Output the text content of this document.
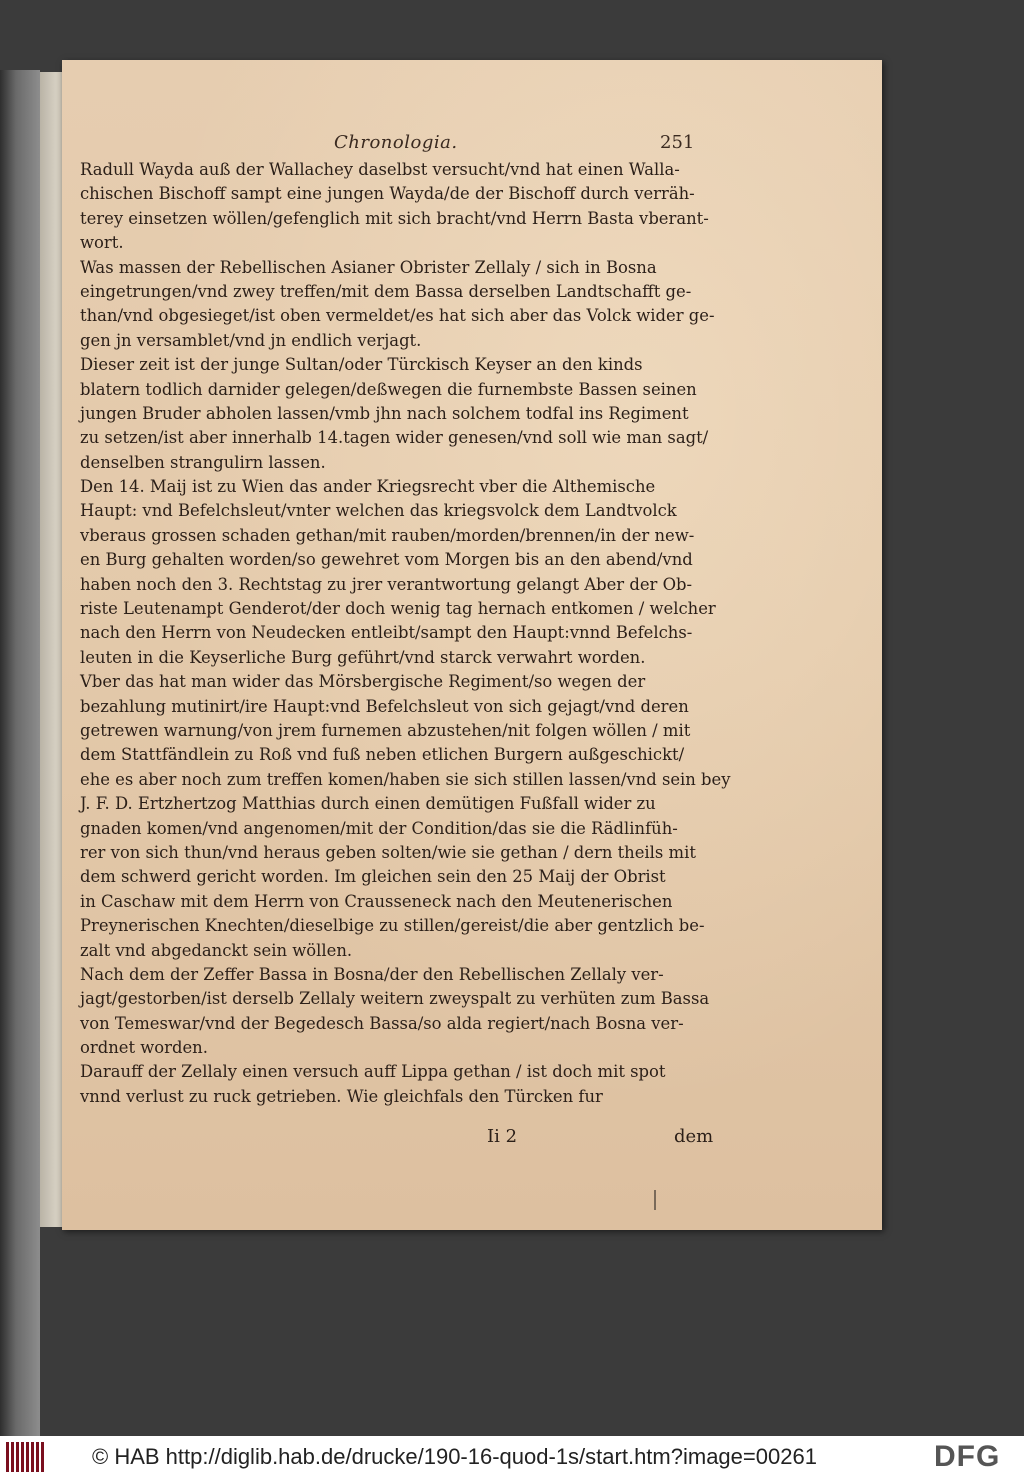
Chronologia.	251
Radull Wayda auß der Wallachey daselbst versucht/vnd hat einen Walla-
chischen Bischoff sampt eine jungen Wayda/de der Bischoff durch verräh-
terey einsetzen wöllen/gefenglich mit sich bracht/vnd Herrn Basta vberant-
wort.
Was massen der Rebellischen Asianer Obrister Zellaly / sich in Bosna
eingetrungen/vnd zwey treffen/mit dem Bassa derselben Landtschafft ge-
than/vnd obgesieget/ist oben vermeldet/es hat sich aber das Volck wider ge-
gen jn versamblet/vnd jn endlich verjagt.
Dieser zeit ist der junge Sultan/oder Türckisch Keyser an den kinds
blatern todlich darnider gelegen/deßwegen die furnembste Bassen seinen
jungen Bruder abholen lassen/vmb jhn nach solchem todfal ins Regiment
zu setzen/ist aber innerhalb 14.tagen wider genesen/vnd soll wie man sagt/
denselben strangulirn lassen.
Den 14. Maij ist zu Wien das ander Kriegsrecht vber die Althemische
Haupt: vnd Befelchsleut/vnter welchen das kriegsvolck dem Landtvolck
vberaus grossen schaden gethan/mit rauben/morden/brennen/in der new-
en Burg gehalten worden/so gewehret vom Morgen bis an den abend/vnd
haben noch den 3. Rechtstag zu jrer verantwortung gelangt Aber der Ob-
riste Leutenampt Genderot/der doch wenig tag hernach entkomen / welcher
nach den Herrn von Neudecken entleibt/sampt den Haupt:vnnd Befelchs-
leuten in die Keyserliche Burg geführt/vnd starck verwahrt worden.
Vber das hat man wider das Mörsbergische Regiment/so wegen der
bezahlung mutinirt/ire Haupt:vnd Befelchsleut von sich gejagt/vnd deren
getrewen warnung/von jrem furnemen abzustehen/nit folgen wöllen / mit
dem Stattfändlein zu Roß vnd fuß neben etlichen Burgern außgeschickt/
ehe es aber noch zum treffen komen/haben sie sich stillen lassen/vnd sein bey
J. F. D. Ertzhertzog Matthias durch einen demütigen Fußfall wider zu
gnaden komen/vnd angenomen/mit der Condition/das sie die Rädlinfüh-
rer von sich thun/vnd heraus geben solten/wie sie gethan / dern theils mit
dem schwerd gericht worden. Im gleichen sein den 25 Maij der Obrist
in Caschaw mit dem Herrn von Crausseneck nach den Meutenerischen
Preynerischen Knechten/dieselbige zu stillen/gereist/die aber gentzlich be-
zalt vnd abgedanckt sein wöllen.
Nach dem der Zeffer Bassa in Bosna/der den Rebellischen Zellaly ver-
jagt/gestorben/ist derselb Zellaly weitern zweyspalt zu verhüten zum Bassa
von Temeswar/vnd der Begedesch Bassa/so alda regiert/nach Bosna ver-
ordnet worden.
Darauff der Zellaly einen versuch auff Lippa gethan / ist doch mit spot
vnnd verlust zu ruck getrieben. Wie gleichfals den Türcken fur
Ii 2	dem
© HAB http://diglib.hab.de/drucke/190-16-quod-1s/start.htm?image=00261	DFG
